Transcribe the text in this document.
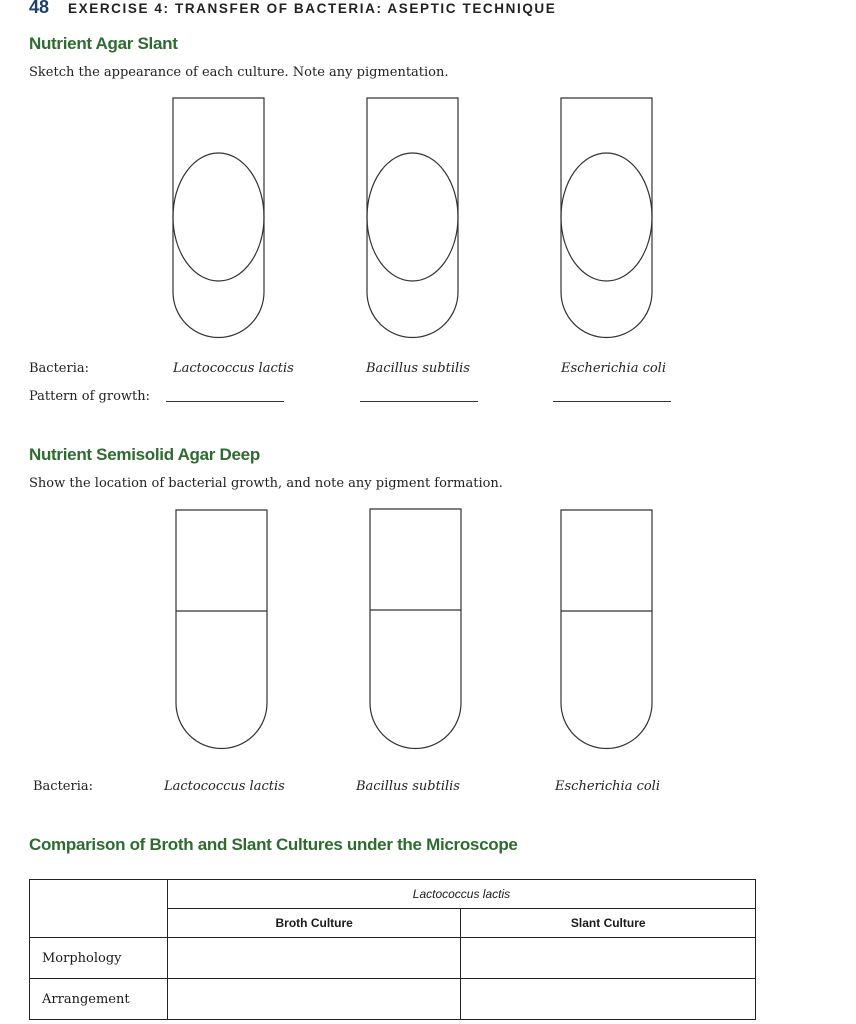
48 EXERCISE 4: TRANSFER OF BACTERIA: ASEPTIC TECHNIQUE
Nutrient Agar Slant
Sketch the appearance of each culture. Note any pigmentation.
Bacteria:	Lactococcus lactis	Bacillus subtilis	Escherichia coli
Pattern of growth:
Nutrient Semisolid Agar Deep
Show the location of bacterial growth, and note any pigment formation.
Bacteria:	Lactococcus lactis	Bacillus subtilis	Escherichia coli
Comparison of Broth and Slant Cultures under the Microscope
	Lactococcus lactis	
	Broth Culture	Slant Culture
Morphology		
Arrangement		
